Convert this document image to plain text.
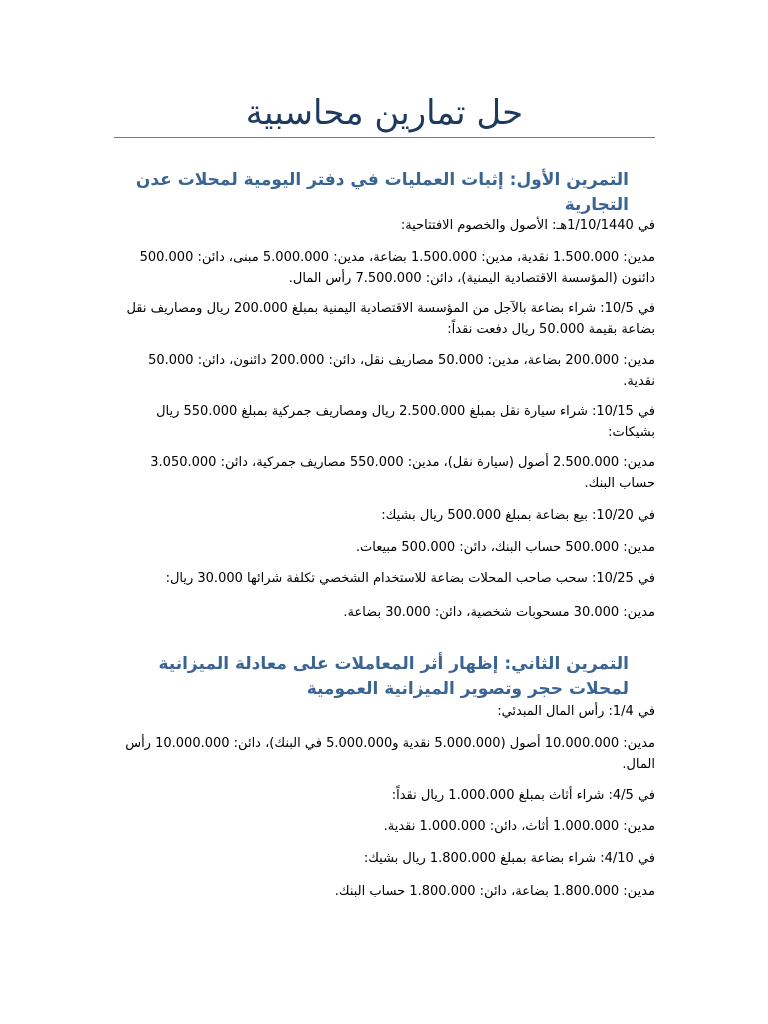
حل تمارين محاسبية
التمرين الأول: إثبات العمليات في دفتر اليومية لمحلات عدن التجارية

في 1/10/1440هـ: الأصول والخصوم الافتتاحية:

مدين: 1.500.000 نقدية، مدين: 1.500.000 بضاعة، مدين: 5.000.000 مبنى، دائن: 500.000 دائنون (المؤسسة الاقتصادية اليمنية)، دائن: 7.500.000 رأس المال.

في 10/5: شراء بضاعة بالآجل من المؤسسة الاقتصادية اليمنية بمبلغ 200.000 ريال ومصاريف نقل بضاعة بقيمة 50.000 ريال دفعت نقداً:

مدين: 200.000 بضاعة، مدين: 50.000 مصاريف نقل، دائن: 200.000 دائنون، دائن: 50.000 نقدية.

في 10/15: شراء سيارة نقل بمبلغ 2.500.000 ريال ومصاريف جمركية بمبلغ 550.000 ريال بشيكات:

مدين: 2.500.000 أصول (سيارة نقل)، مدين: 550.000 مصاريف جمركية، دائن: 3.050.000 حساب البنك.

في 10/20: بيع بضاعة بمبلغ 500.000 ريال بشيك:

مدين: 500.000 حساب البنك، دائن: 500.000 مبيعات.

في 10/25: سحب صاحب المحلات بضاعة للاستخدام الشخصي تكلفة شرائها 30.000 ريال:

مدين: 30.000 مسحوبات شخصية، دائن: 30.000 بضاعة.

التمرين الثاني: إظهار أثر المعاملات على معادلة الميزانية لمحلات حجر وتصوير الميزانية العمومية

في 1/4: رأس المال المبدئي:

مدين: 10.000.000 أصول (5.000.000 نقدية و5.000.000 في البنك)، دائن: 10.000.000 رأس المال.

في 4/5: شراء أثاث بمبلغ 1.000.000 ريال نقداً:

مدين: 1.000.000 أثاث، دائن: 1.000.000 نقدية.

في 4/10: شراء بضاعة بمبلغ 1.800.000 ريال بشيك:

مدين: 1.800.000 بضاعة، دائن: 1.800.000 حساب البنك.
